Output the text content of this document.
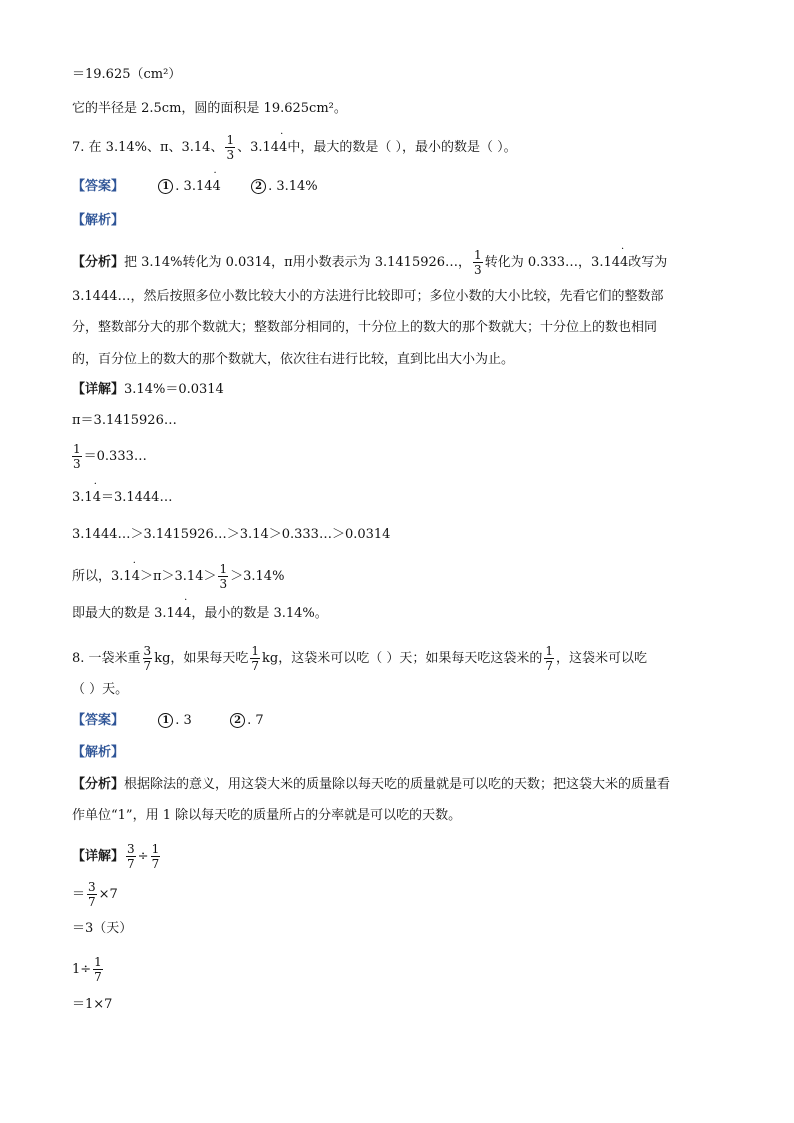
＝19.625（cm²）
它的半径是 2.5cm，圆的面积是 19.625cm²。
7. 在 3.14%、π、3.14、 $\frac{1}{3}$ 、3.14
·
4中，最大的数是（ ），最小的数是（ ）。
【答案】	1 . 3.14
·
4	2 . 3.14%
【解析】
【分析】把 3.14%转化为 0.0314，π用小数表示为 3.1415926…， $\frac{1}{3}$ 转化为 0.333…，3.14
·
4改写为
3.1444…，然后按照多位小数比较大小的方法进行比较即可；多位小数的大小比较，先看它们的整数部
分，整数部分大的那个数就大；整数部分相同的，十分位上的数大的那个数就大；十分位上的数也相同
的，百分位上的数大的那个数就大，依次往右进行比较，直到比出大小为止。
【详解】3.14%＝0.0314
π＝3.1415926…
$\frac{1}{3}$ ＝0.333…
3.1
·
4＝3.1444…
3.1444…＞3.1415926…＞3.14＞0.333…＞0.0314
所以，3.1
·
$4>\pi>3.14> \frac{1}{3} >3.14\%$
即最大的数是 3.14
·
4，最小的数是 3.14%。
8. 一袋米重 $\frac{3}{7}$ kg，如果每天吃 $\frac{1}{7}$ kg，这袋米可以吃（ ）天；如果每天吃这袋米的 $\frac{1}{7}$ ，这袋米可以吃
（ ）天。
【答案】	1 . 3	2 . 7
【解析】
【分析】根据除法的意义，用这袋大米的质量除以每天吃的质量就是可以吃的天数；把这袋大米的质量看
作单位“1”，用 1 除以每天吃的质量所占的分率就是可以吃的天数。
【详解】 $\frac{3}{7} \div \frac{1}{7}$
＝ $\frac{3}{7} \times 7$
＝3（天）
$1\div \frac{1}{7}$
＝1×7
